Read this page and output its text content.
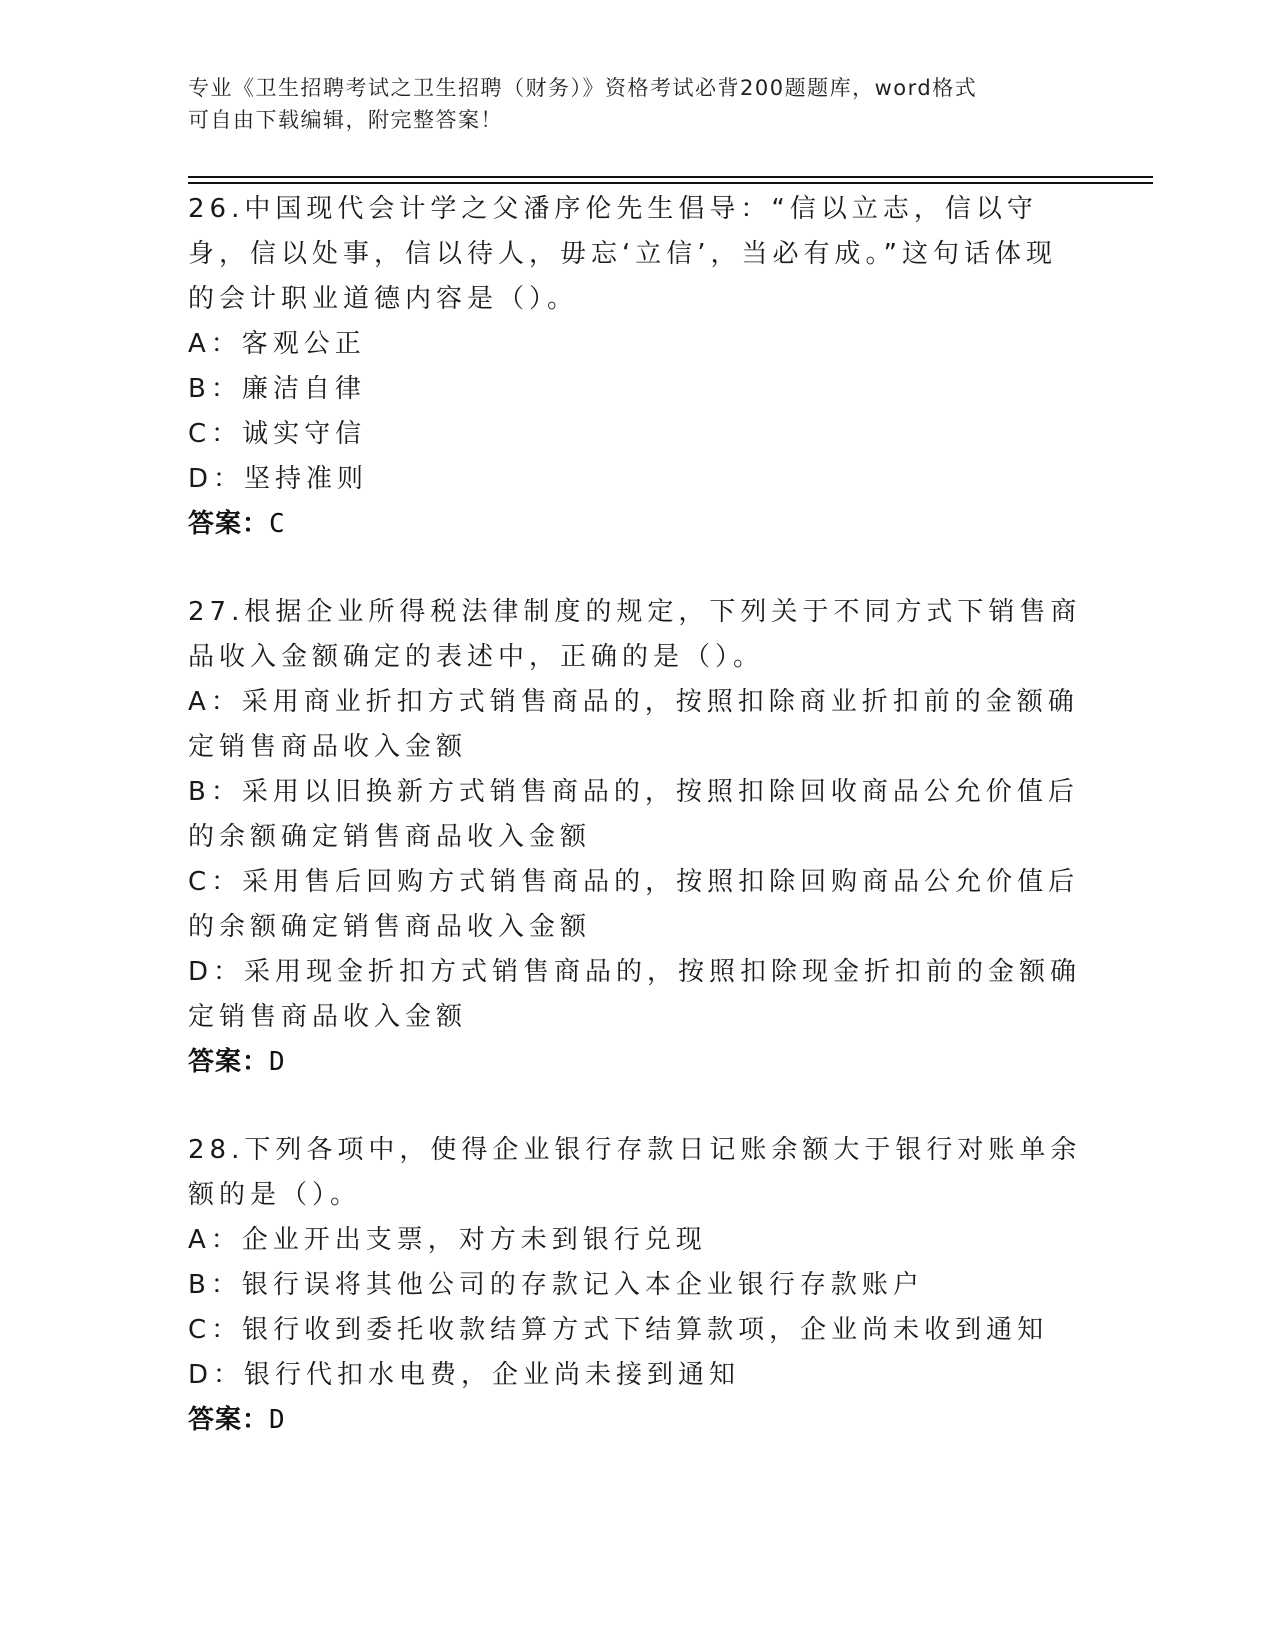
专业《卫生招聘考试之卫生招聘（财务）》资格考试必背200题题库，word格式
可自由下载编辑，附完整答案！
26.中国现代会计学之父潘序伦先生倡导：“信以立志，信以守身，信以处事，信以待人，毋忘‘立信’，当必有成。”这句话体现的会计职业道德内容是（）。
A：客观公正
B：廉洁自律
C：诚实守信
D：坚持准则
答案：C
27.根据企业所得税法律制度的规定，下列关于不同方式下销售商品收入金额确定的表述中，正确的是（）。
A：采用商业折扣方式销售商品的，按照扣除商业折扣前的金额确定销售商品收入金额
B：采用以旧换新方式销售商品的，按照扣除回收商品公允价值后的余额确定销售商品收入金额
C：采用售后回购方式销售商品的，按照扣除回购商品公允价值后的余额确定销售商品收入金额
D：采用现金折扣方式销售商品的，按照扣除现金折扣前的金额确定销售商品收入金额
答案：D
28.下列各项中，使得企业银行存款日记账余额大于银行对账单余额的是（）。
A：企业开出支票，对方未到银行兑现
B：银行误将其他公司的存款记入本企业银行存款账户
C：银行收到委托收款结算方式下结算款项，企业尚未收到通知
D：银行代扣水电费，企业尚未接到通知
答案：D
